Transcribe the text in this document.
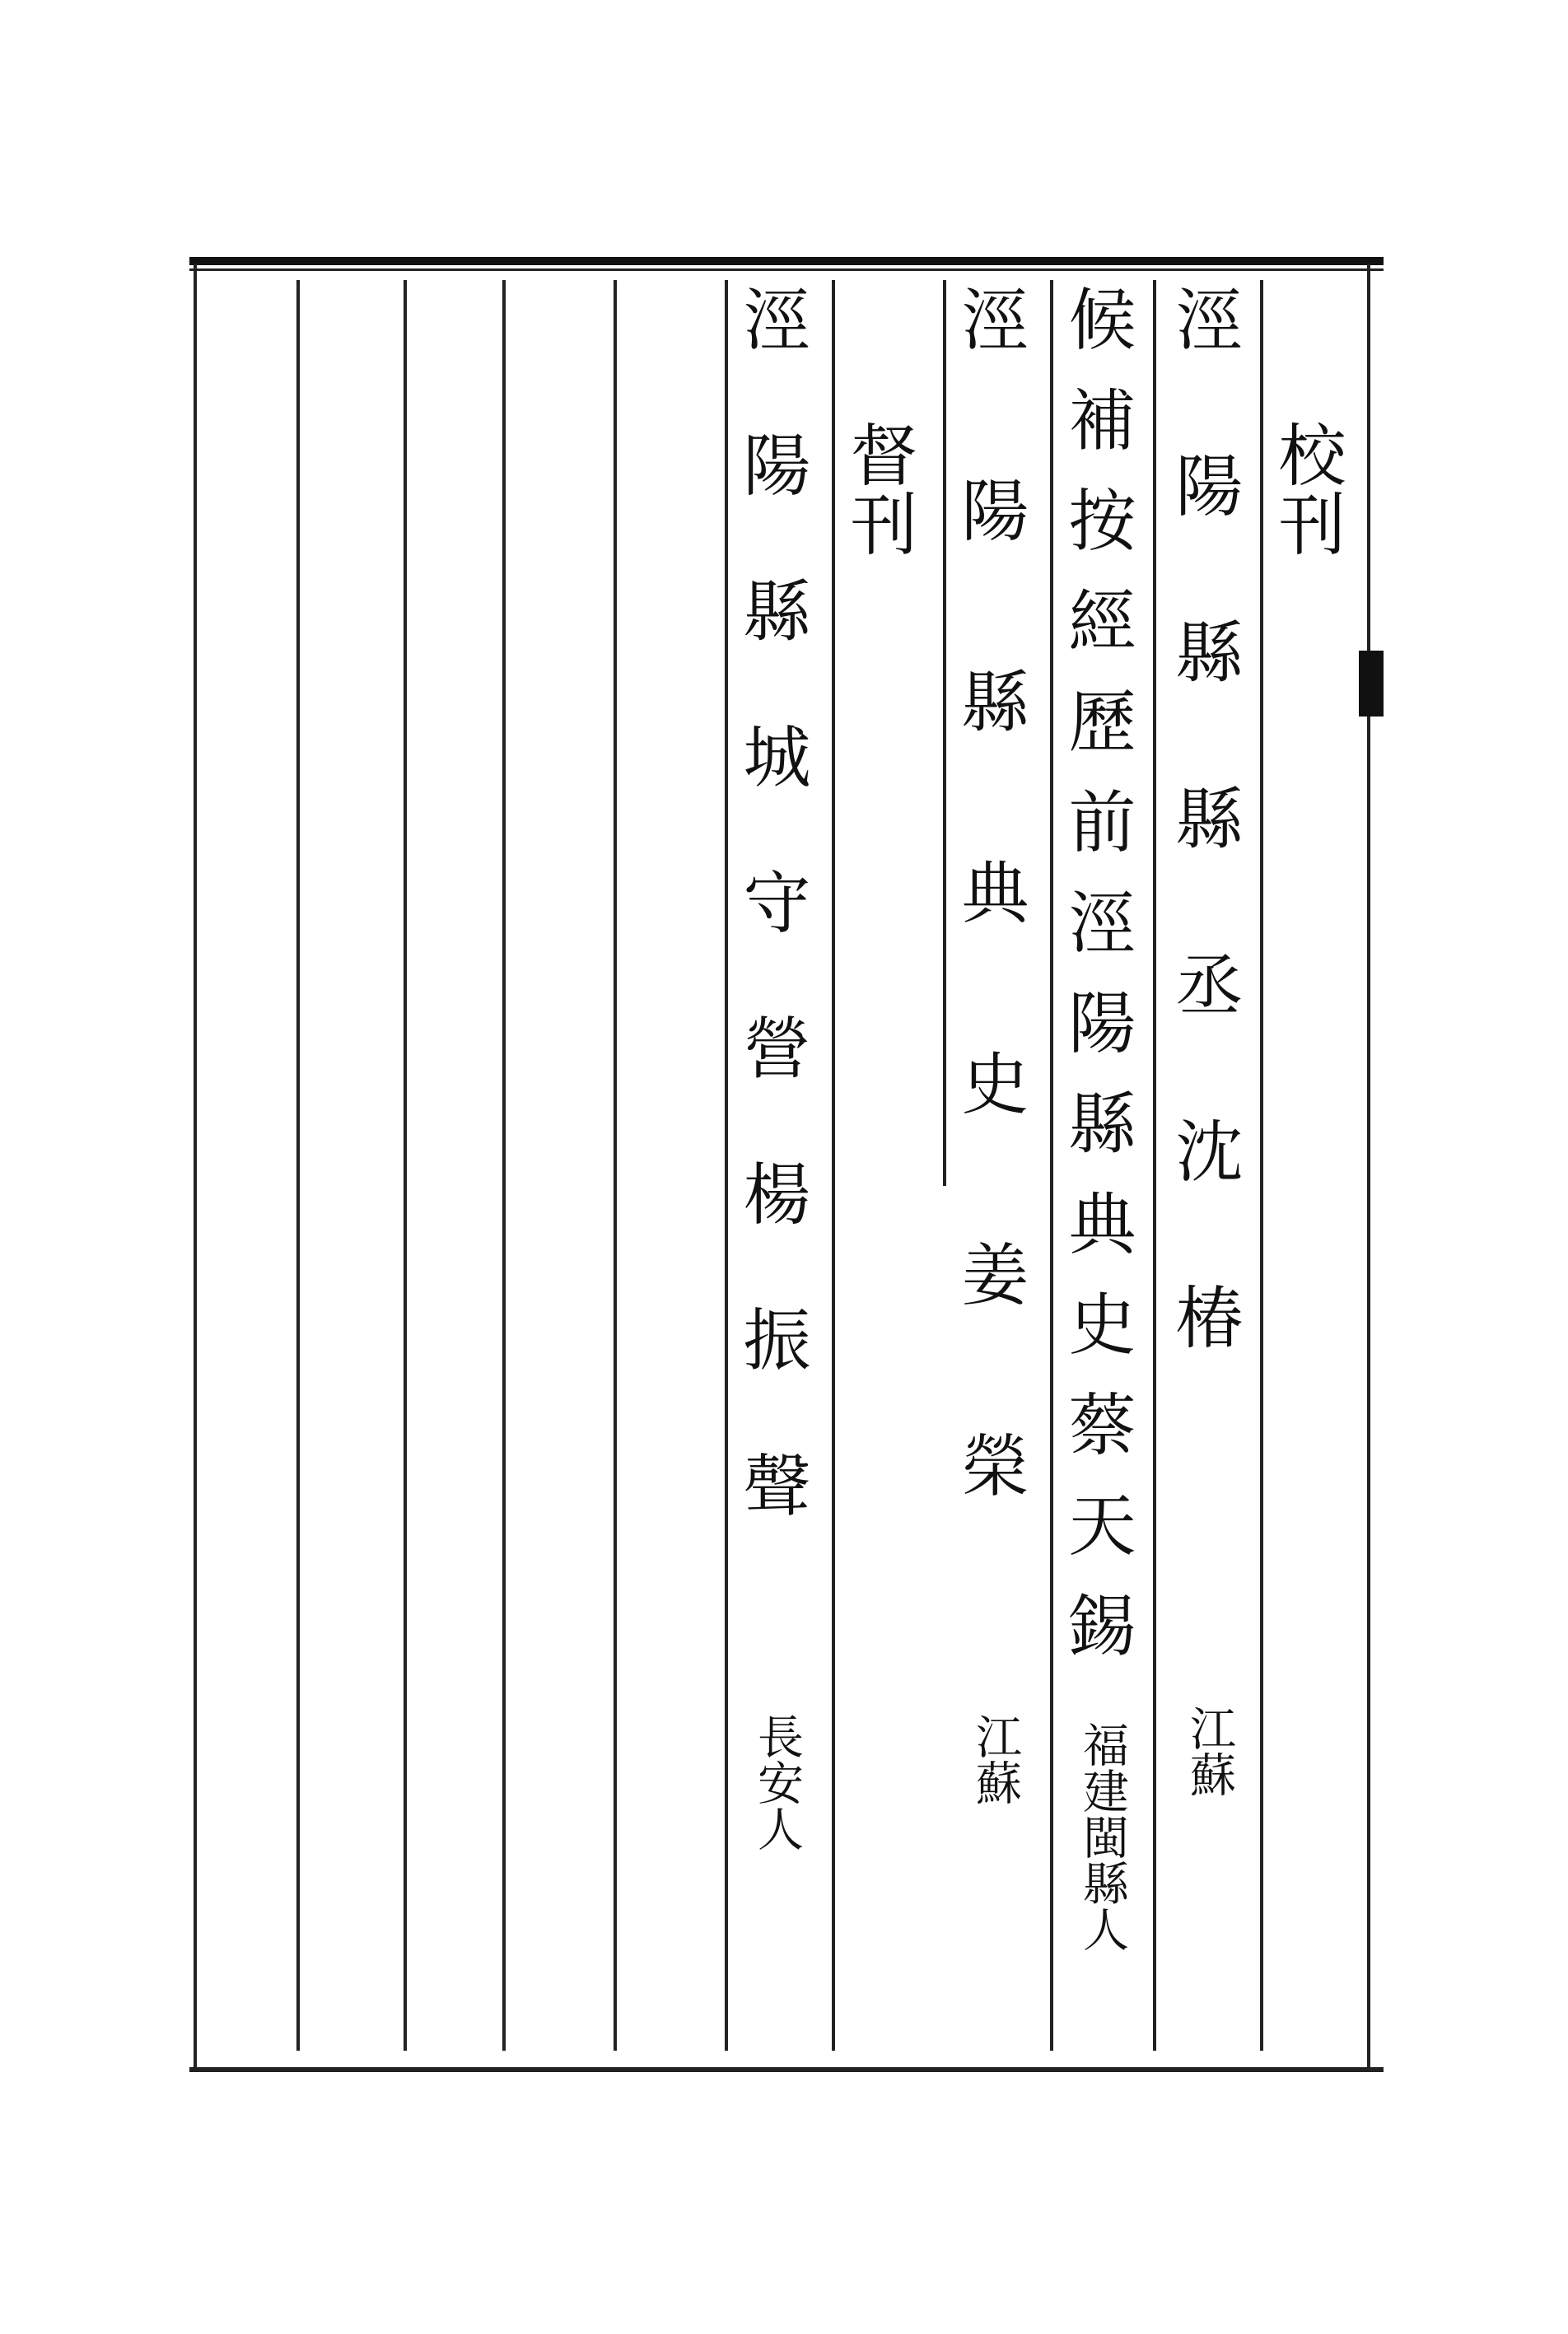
校刊
涇陽縣縣丞沈椿
江蘇
候補按經歷前涇陽縣典史蔡天錫
福建閩縣人
涇陽縣典史姜榮
江蘇
督刊
涇陽縣城守營楊振聲
長安人
